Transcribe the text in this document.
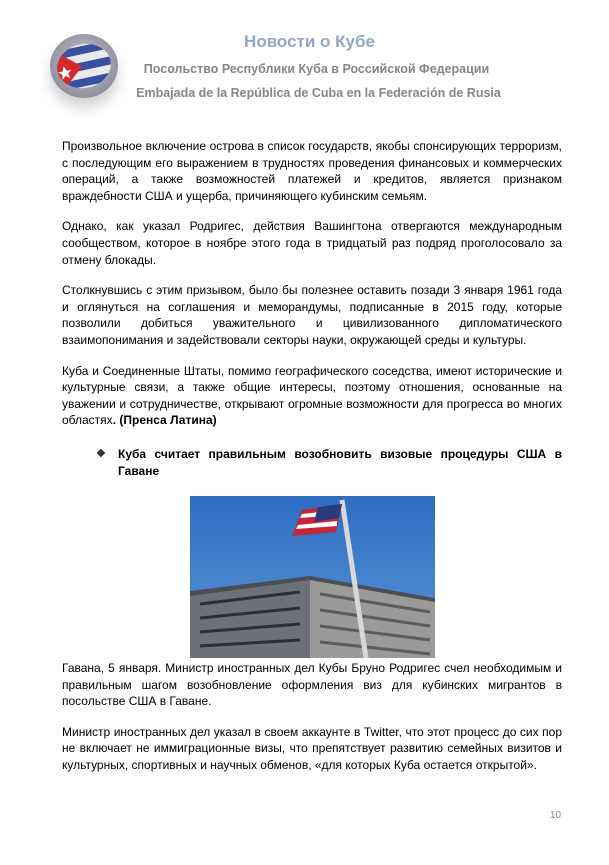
Новости о Кубе
Посольство Республики Куба в Российской Федерации
Embajada de la República de Cuba en la Federación de Rusia

Произвольное включение острова в список государств, якобы спонсирующих терроризм, с последующим его выражением в трудностях проведения финансовых и коммерческих операций, а также возможностей платежей и кредитов, является признаком враждебности США и ущерба, причиняющего кубинским семьям.

Однако, как указал Родригес, действия Вашингтона отвергаются международным сообществом, которое в ноябре этого года в тридцатый раз подряд проголосовало за отмену блокады.

Столкнувшись с этим призывом, было бы полезнее оставить позади 3 января 1961 года и оглянуться на соглашения и меморандумы, подписанные в 2015 году, которые позволили добиться уважительного и цивилизованного дипломатического взаимопонимания и задействовали секторы науки, окружающей среды и культуры.

Куба и Соединенные Штаты, помимо географического соседства, имеют исторические и культурные связи, а также общие интересы, поэтому отношения, основанные на уважении и сотрудничестве, открывают огромные возможности для прогресса во многих областях. (Пренса Латина)

❖	Куба считает правильным возобновить визовые процедуры США в Гаване

Гавана, 5 января. Министр иностранных дел Кубы Бруно Родригес счел необходимым и правильным шагом возобновление оформления виз для кубинских мигрантов в посольстве США в Гаване.

Министр иностранных дел указал в своем аккаунте в Twitter, что этот процесс до сих пор не включает не иммиграционные визы, что препятствует развитию семейных визитов и культурных, спортивных и научных обменов, «для которых Куба остается открытой».

10
